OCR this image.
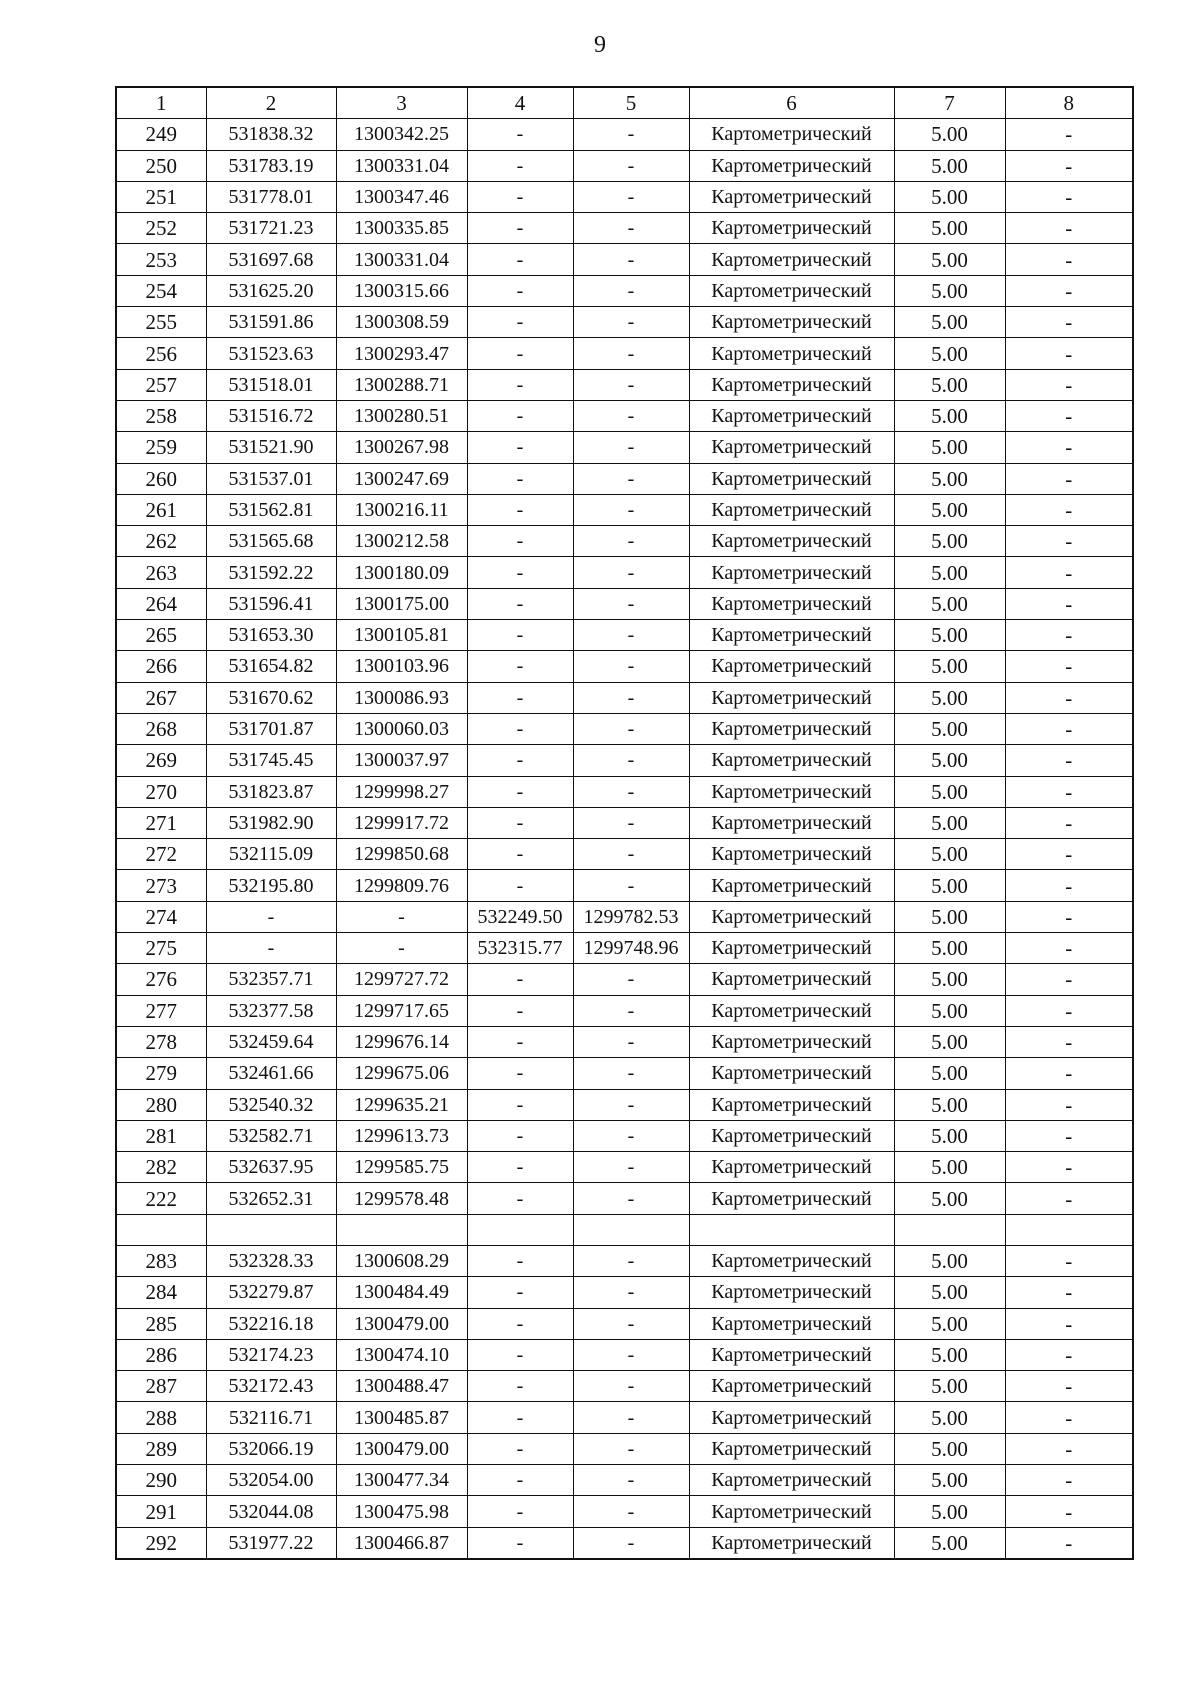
9
1	2	3	4	5	6	7	8
249	531838.32	1300342.25	-	-	Картометрический	5.00	-
250	531783.19	1300331.04	-	-	Картометрический	5.00	-
251	531778.01	1300347.46	-	-	Картометрический	5.00	-
252	531721.23	1300335.85	-	-	Картометрический	5.00	-
253	531697.68	1300331.04	-	-	Картометрический	5.00	-
254	531625.20	1300315.66	-	-	Картометрический	5.00	-
255	531591.86	1300308.59	-	-	Картометрический	5.00	-
256	531523.63	1300293.47	-	-	Картометрический	5.00	-
257	531518.01	1300288.71	-	-	Картометрический	5.00	-
258	531516.72	1300280.51	-	-	Картометрический	5.00	-
259	531521.90	1300267.98	-	-	Картометрический	5.00	-
260	531537.01	1300247.69	-	-	Картометрический	5.00	-
261	531562.81	1300216.11	-	-	Картометрический	5.00	-
262	531565.68	1300212.58	-	-	Картометрический	5.00	-
263	531592.22	1300180.09	-	-	Картометрический	5.00	-
264	531596.41	1300175.00	-	-	Картометрический	5.00	-
265	531653.30	1300105.81	-	-	Картометрический	5.00	-
266	531654.82	1300103.96	-	-	Картометрический	5.00	-
267	531670.62	1300086.93	-	-	Картометрический	5.00	-
268	531701.87	1300060.03	-	-	Картометрический	5.00	-
269	531745.45	1300037.97	-	-	Картометрический	5.00	-
270	531823.87	1299998.27	-	-	Картометрический	5.00	-
271	531982.90	1299917.72	-	-	Картометрический	5.00	-
272	532115.09	1299850.68	-	-	Картометрический	5.00	-
273	532195.80	1299809.76	-	-	Картометрический	5.00	-
274	-	-	532249.50	1299782.53	Картометрический	5.00	-
275	-	-	532315.77	1299748.96	Картометрический	5.00	-
276	532357.71	1299727.72	-	-	Картометрический	5.00	-
277	532377.58	1299717.65	-	-	Картометрический	5.00	-
278	532459.64	1299676.14	-	-	Картометрический	5.00	-
279	532461.66	1299675.06	-	-	Картометрический	5.00	-
280	532540.32	1299635.21	-	-	Картометрический	5.00	-
281	532582.71	1299613.73	-	-	Картометрический	5.00	-
282	532637.95	1299585.75	-	-	Картометрический	5.00	-
222	532652.31	1299578.48	-	-	Картометрический	5.00	-

283	532328.33	1300608.29	-	-	Картометрический	5.00	-
284	532279.87	1300484.49	-	-	Картометрический	5.00	-
285	532216.18	1300479.00	-	-	Картометрический	5.00	-
286	532174.23	1300474.10	-	-	Картометрический	5.00	-
287	532172.43	1300488.47	-	-	Картометрический	5.00	-
288	532116.71	1300485.87	-	-	Картометрический	5.00	-
289	532066.19	1300479.00	-	-	Картометрический	5.00	-
290	532054.00	1300477.34	-	-	Картометрический	5.00	-
291	532044.08	1300475.98	-	-	Картометрический	5.00	-
292	531977.22	1300466.87	-	-	Картометрический	5.00	-
